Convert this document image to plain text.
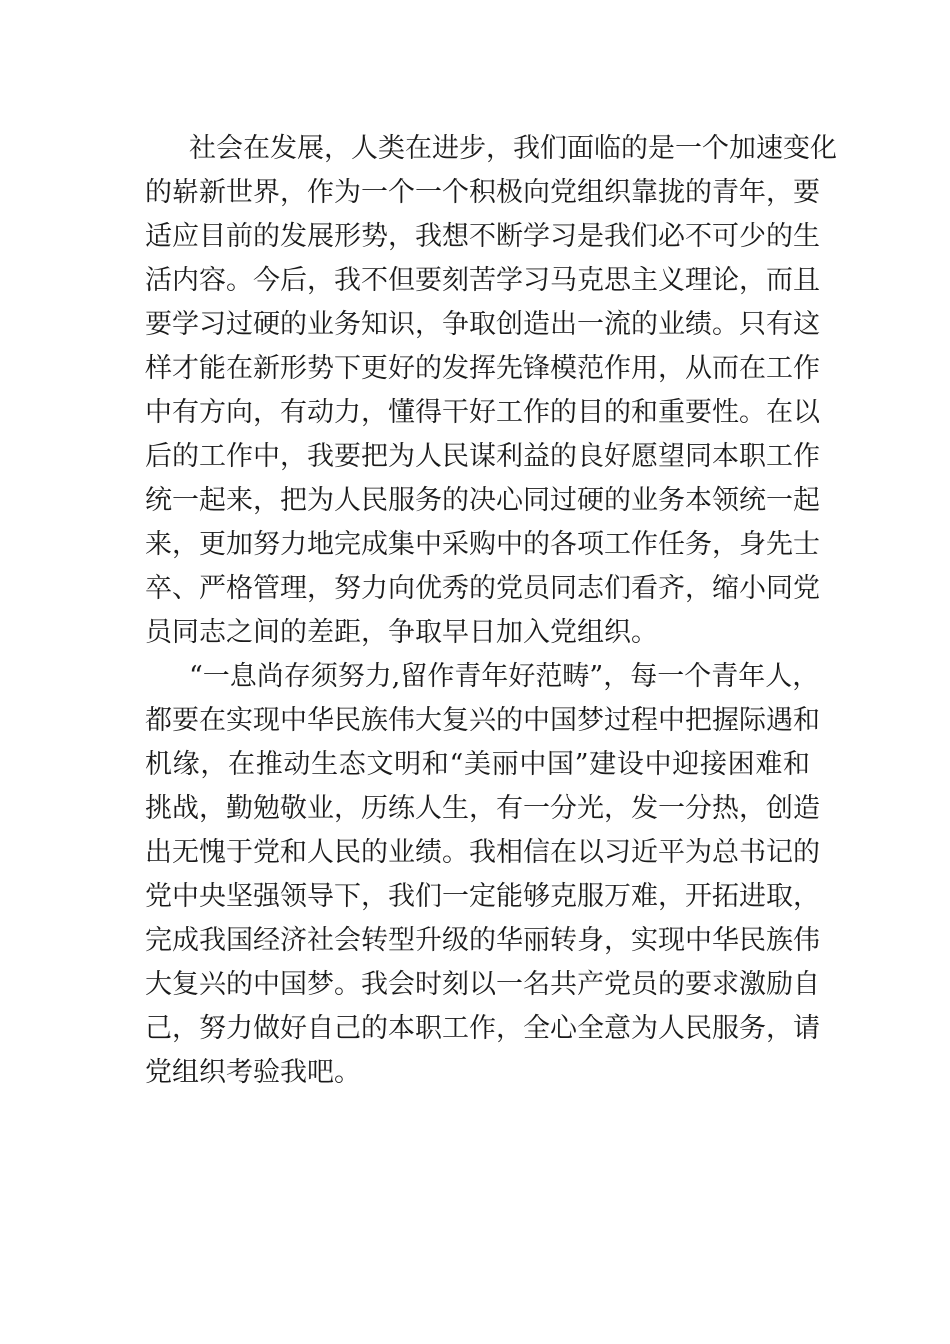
社会在发展，人类在进步，我们面临的是一个加速变化
的崭新世界，作为一个一个积极向党组织靠拢的青年，要
适应目前的发展形势，我想不断学习是我们必不可少的生
活内容。今后，我不但要刻苦学习马克思主义理论，而且
要学习过硬的业务知识，争取创造出一流的业绩。只有这
样才能在新形势下更好的发挥先锋模范作用，从而在工作
中有方向，有动力，懂得干好工作的目的和重要性。在以
后的工作中，我要把为人民谋利益的良好愿望同本职工作
统一起来，把为人民服务的决心同过硬的业务本领统一起
来，更加努力地完成集中采购中的各项工作任务，身先士
卒、严格管理，努力向优秀的党员同志们看齐，缩小同党
员同志之间的差距，争取早日加入党组织。
“一息尚存须努力,留作青年好范畴”，每一个青年人，
都要在实现中华民族伟大复兴的中国梦过程中把握际遇和
机缘，在推动生态文明和“美丽中国”建设中迎接困难和
挑战，勤勉敬业，历练人生，有一分光，发一分热，创造
出无愧于党和人民的业绩。我相信在以习近平为总书记的
党中央坚强领导下，我们一定能够克服万难，开拓进取，
完成我国经济社会转型升级的华丽转身，实现中华民族伟
大复兴的中国梦。我会时刻以一名共产党员的要求激励自
己，努力做好自己的本职工作，全心全意为人民服务，请
党组织考验我吧。
